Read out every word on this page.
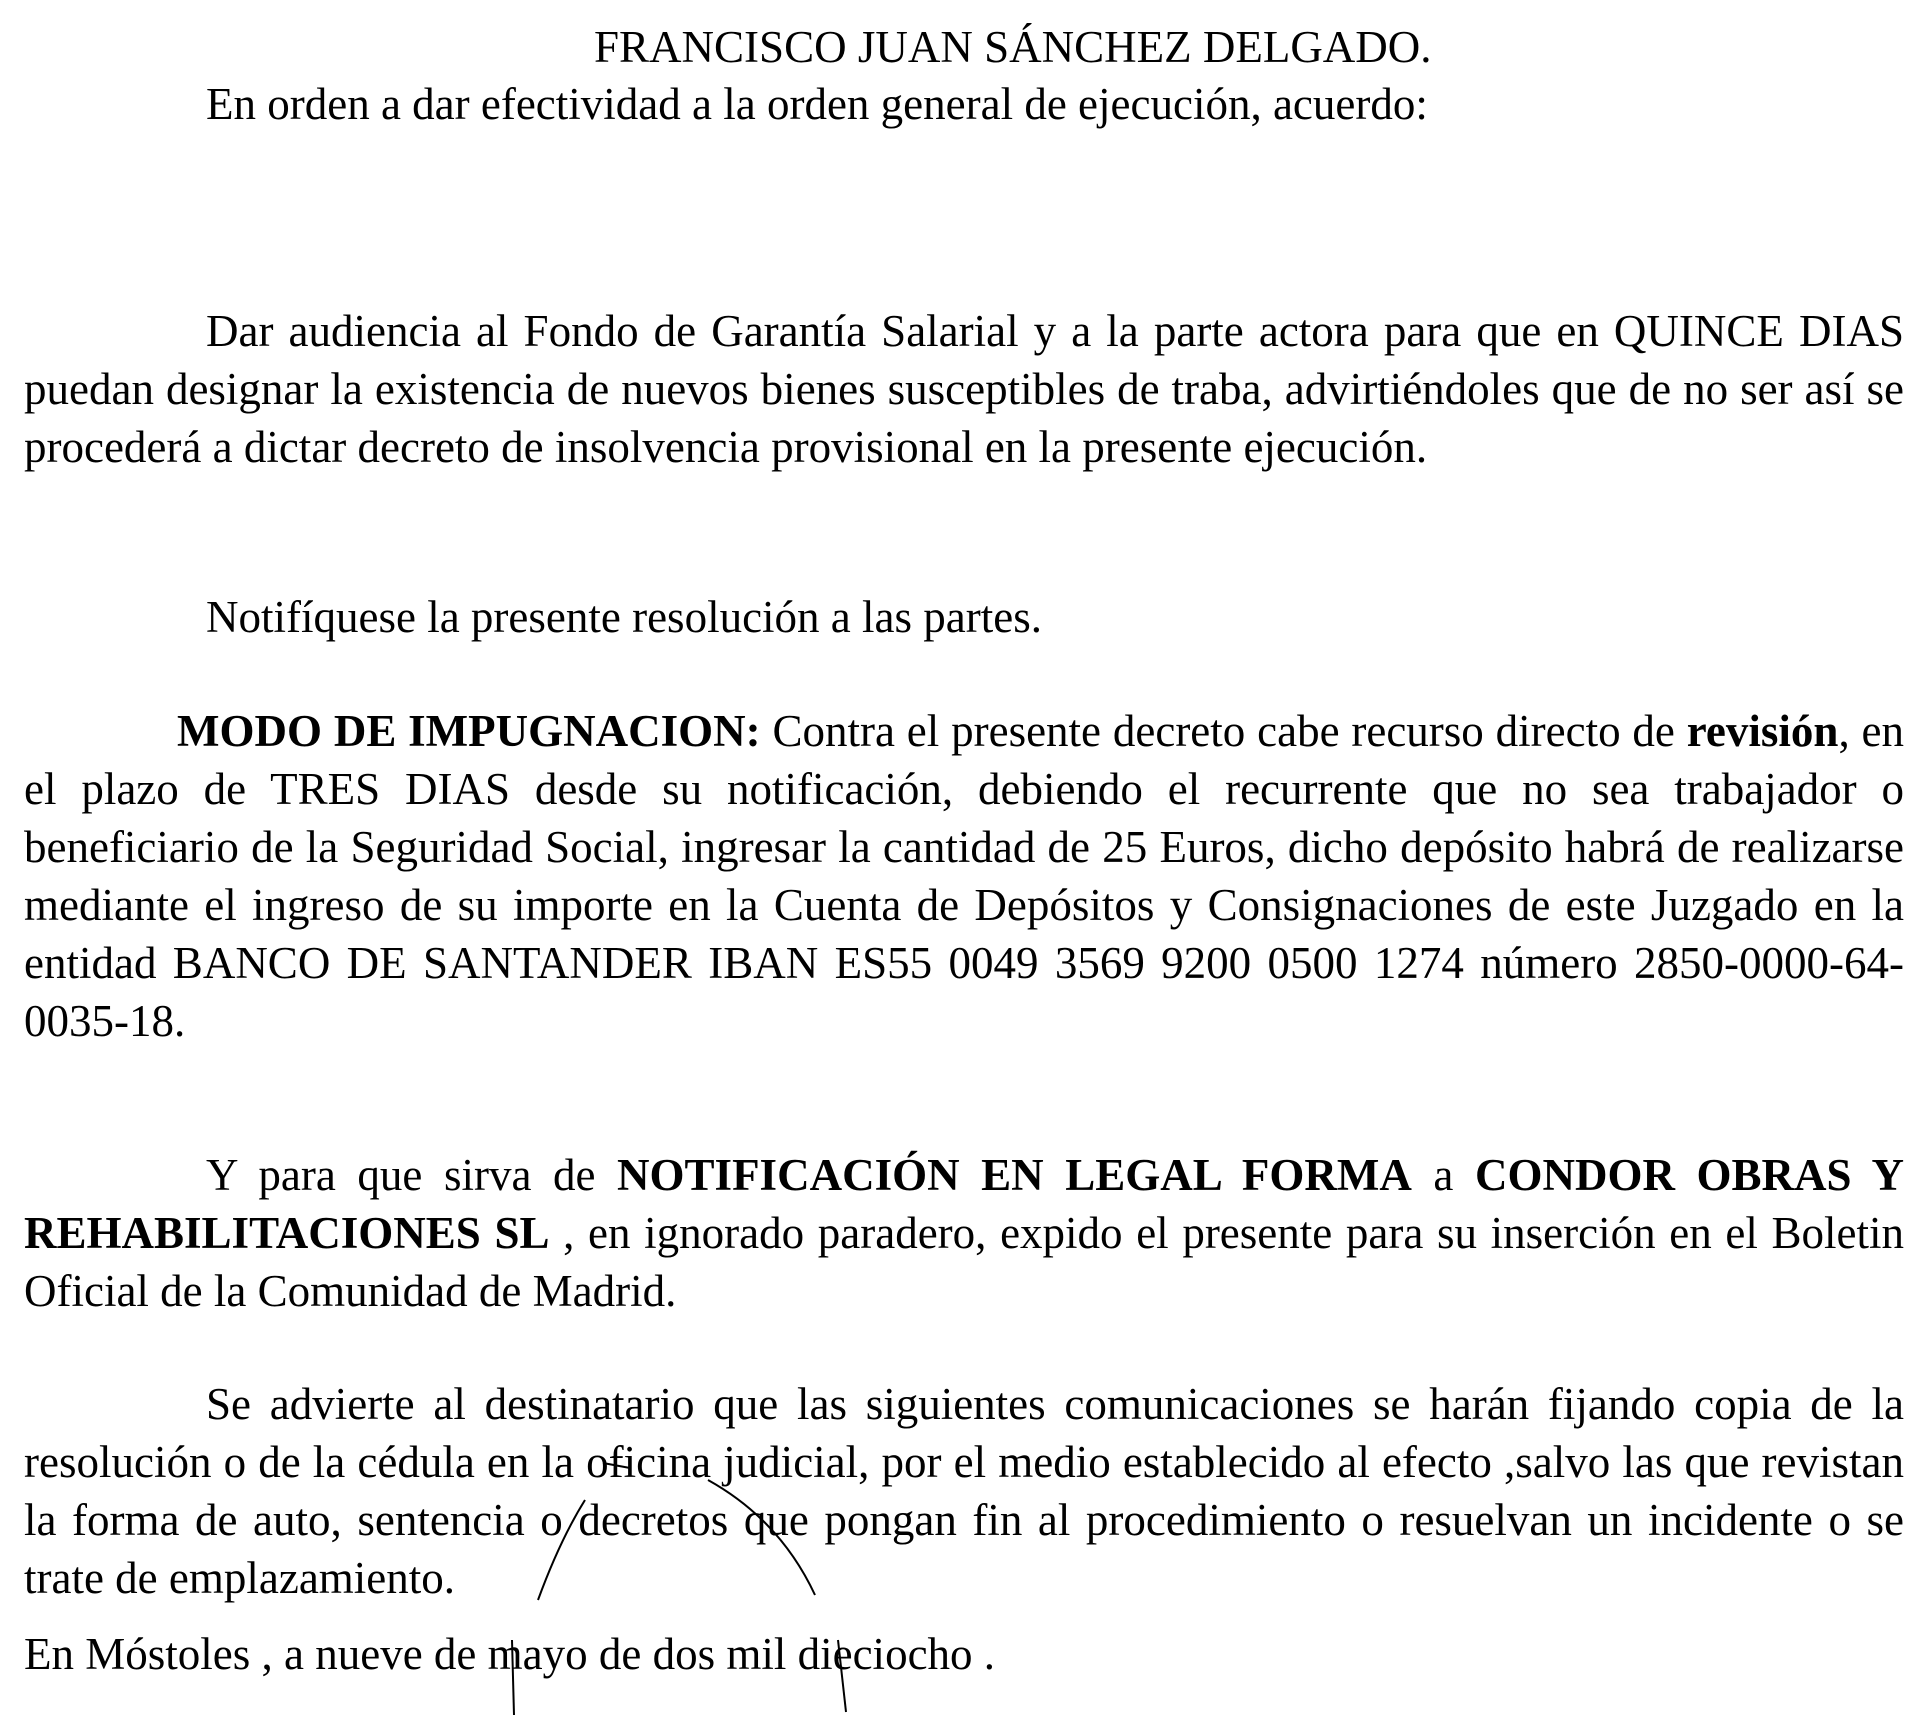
FRANCISCO JUAN SÁNCHEZ DELGADO.
En orden a dar efectividad a la orden general de ejecución, acuerdo:

Dar audiencia al Fondo de Garantía Salarial y a la parte actora para que en QUINCE DIAS puedan designar la existencia de nuevos bienes susceptibles de traba, advirtiéndoles que de no ser así se procederá a dictar decreto de insolvencia provisional en la presente ejecución.

Notifíquese la presente resolución a las partes.

MODO DE IMPUGNACION: Contra el presente decreto cabe recurso directo de revisión, en el plazo de TRES DIAS desde su notificación, debiendo el recurrente que no sea trabajador o beneficiario de la Seguridad Social, ingresar la cantidad de 25 Euros, dicho depósito habrá de realizarse mediante el ingreso de su importe en la Cuenta de Depósitos y Consignaciones de este Juzgado en la entidad BANCO DE SANTANDER IBAN ES55 0049 3569 9200 0500 1274 número 2850-0000-64-0035-18.

Y para que sirva de NOTIFICACIÓN EN LEGAL FORMA a CONDOR OBRAS Y REHABILITACIONES SL , en ignorado paradero, expido el presente para su inserción en el Boletin Oficial de la Comunidad de Madrid.

Se advierte al destinatario que las siguientes comunicaciones se harán fijando copia de la resolución o de la cédula en la oficina judicial, por el medio establecido al efecto ,salvo las que revistan la forma de auto, sentencia o decretos que pongan fin al procedimiento o resuelvan un incidente o se trate de emplazamiento.

En Móstoles , a nueve de mayo de dos mil dieciocho .
